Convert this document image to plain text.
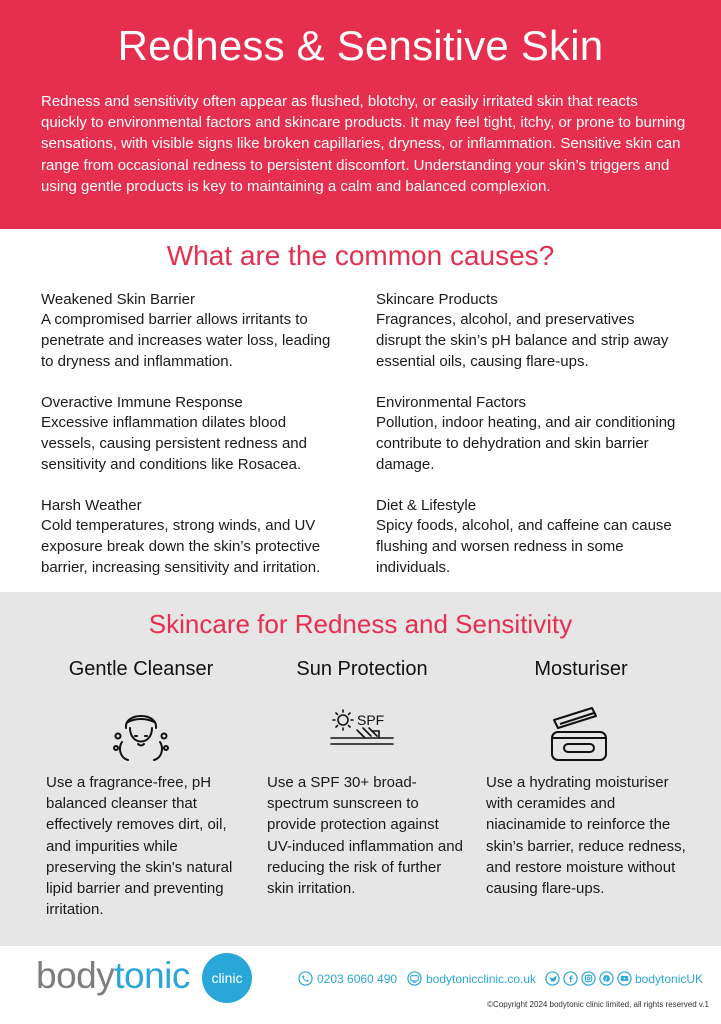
Redness & Sensitive Skin

Redness and sensitivity often appear as flushed, blotchy, or easily irritated skin that reacts quickly to environmental factors and skincare products. It may feel tight, itchy, or prone to burning sensations, with visible signs like broken capillaries, dryness, or inflammation. Sensitive skin can range from occasional redness to persistent discomfort. Understanding your skin’s triggers and using gentle products is key to maintaining a calm and balanced complexion.

What are the common causes?
Weakened Skin Barrier
A compromised barrier allows irritants to penetrate and increases water loss, leading to dryness and inflammation.
Skincare Products
Fragrances, alcohol, and preservatives disrupt the skin’s pH balance and strip away essential oils, causing flare-ups.
Overactive Immune Response
Excessive inflammation dilates blood vessels, causing persistent redness and sensitivity and conditions like Rosacea.
Environmental Factors
Pollution, indoor heating, and air conditioning contribute to dehydration and skin barrier damage.
Harsh Weather
Cold temperatures, strong winds, and UV exposure break down the skin’s protective barrier, increasing sensitivity and irritation.
Diet & Lifestyle
Spicy foods, alcohol, and caffeine can cause flushing and worsen redness in some individuals.
Skincare for Redness and Sensitivity
Gentle Cleanser
Use a fragrance-free, pH balanced cleanser that effectively removes dirt, oil, and impurities while preserving the skin's natural lipid barrier and preventing irritation.
Sun Protection
SPF
Use a SPF 30+ broad-spectrum sunscreen to provide protection against UV-induced inflammation and reducing the risk of further skin irritation.
Mosturiser
Use a hydrating moisturiser with ceramides and niacinamide to reinforce the skin’s barrier, reduce redness, and restore moisture without causing flare-ups.
bodytonic	clinic	0203 6060 490 bodytonicclinic.co.uk	bodytonicUK
©Copyright 2024 bodytonic clinic limited, all rights reserved v.1
